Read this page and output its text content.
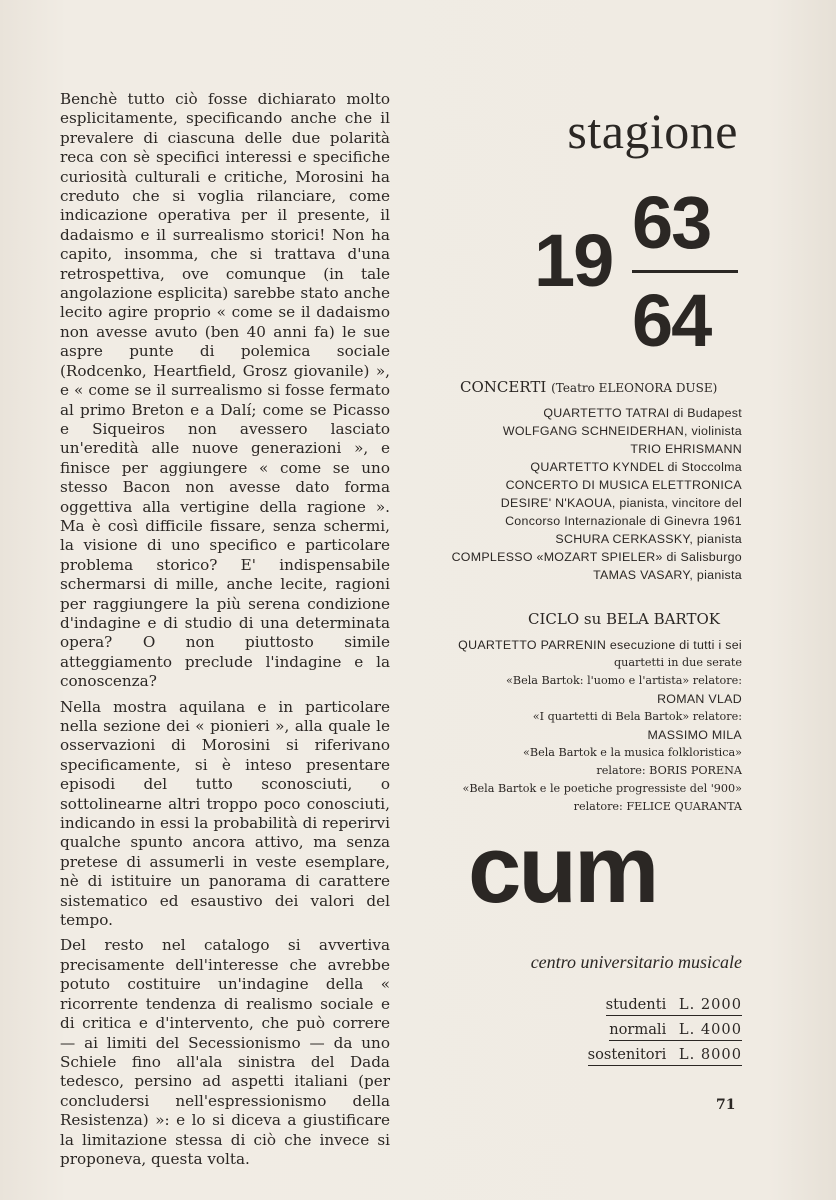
Benchè tutto ciò fosse dichiarato molto esplicitamente, specificando anche che il prevalere di ciascuna delle due polarità reca con sè specifici interessi e specifiche curiosità culturali e critiche, Morosini ha creduto che si voglia rilanciare, come indicazione operativa per il presente, il dadaismo e il surrealismo storici! Non ha capito, insomma, che si trattava d'una retrospettiva, ove comunque (in tale angolazione esplicita) sarebbe stato anche lecito agire proprio « come se il dadaismo non avesse avuto (ben 40 anni fa) le sue aspre punte di polemica sociale (Rodcenko, Heartfield, Grosz giovanile) », e « come se il surrealismo si fosse fermato al primo Breton e a Dalí; come se Picasso e Siqueiros non avessero lasciato un'eredità alle nuove generazioni », e finisce per aggiungere « come se uno stesso Bacon non avesse dato forma oggettiva alla vertigine della ragione ». Ma è così difficile fissare, senza schermi, la visione di uno specifico e particolare problema storico? E' indispensabile schermarsi di mille, anche lecite, ragioni per raggiungere la più serena condizione d'indagine e di studio di una determinata opera? O non piuttosto simile atteggiamento preclude l'indagine e la conoscenza?

Nella mostra aquilana e in particolare nella sezione dei « pionieri », alla quale le osservazioni di Morosini si riferivano specificamente, si è inteso presentare episodi del tutto sconosciuti, o sottolinearne altri troppo poco conosciuti, indicando in essi la probabilità di reperirvi qualche spunto ancora attivo, ma senza pretese di assumerli in veste esemplare, nè di istituire un panorama di carattere sistematico ed esaustivo dei valori del tempo.

Del resto nel catalogo si avvertiva precisamente dell'interesse che avrebbe potuto costituire un'indagine della « ricorrente tendenza di realismo sociale e di critica e d'intervento, che può correre — ai limiti del Secessionismo — da uno Schiele fino all'ala sinistra del Dada tedesco, persino ad aspetti italiani (per concludersi nell'espressionismo della Resistenza) »: e lo si diceva a giustificare la limitazione stessa di ciò che invece si proponeva, questa volta.

stagione
19 63
64
CONCERTI (Teatro ELEONORA DUSE)
QUARTETTO TATRAI di Budapest
WOLFGANG SCHNEIDERHAN, violinista
TRIO EHRISMANN
QUARTETTO KYNDEL di Stoccolma
CONCERTO DI MUSICA ELETTRONICA
DESIRE' N'KAOUA, pianista, vincitore del
Concorso Internazionale di Ginevra 1961
SCHURA CERKASSKY, pianista
COMPLESSO «MOZART SPIELER» di Salisburgo
TAMAS VASARY, pianista
CICLO su BELA BARTOK
QUARTETTO PARRENIN esecuzione di tutti i sei
quartetti in due serate
«Bela Bartok: l'uomo e l'artista» relatore:
ROMAN VLAD
«I quartetti di Bela Bartok» relatore:
MASSIMO MILA
«Bela Bartok e la musica folkloristica»
relatore: BORIS PORENA
«Bela Bartok e le poetiche progressiste del '900»
relatore: FELICE QUARANTA
cum
centro universitario musicale
studenti L. 2000
normali L. 4000
sostenitori L. 8000
71
